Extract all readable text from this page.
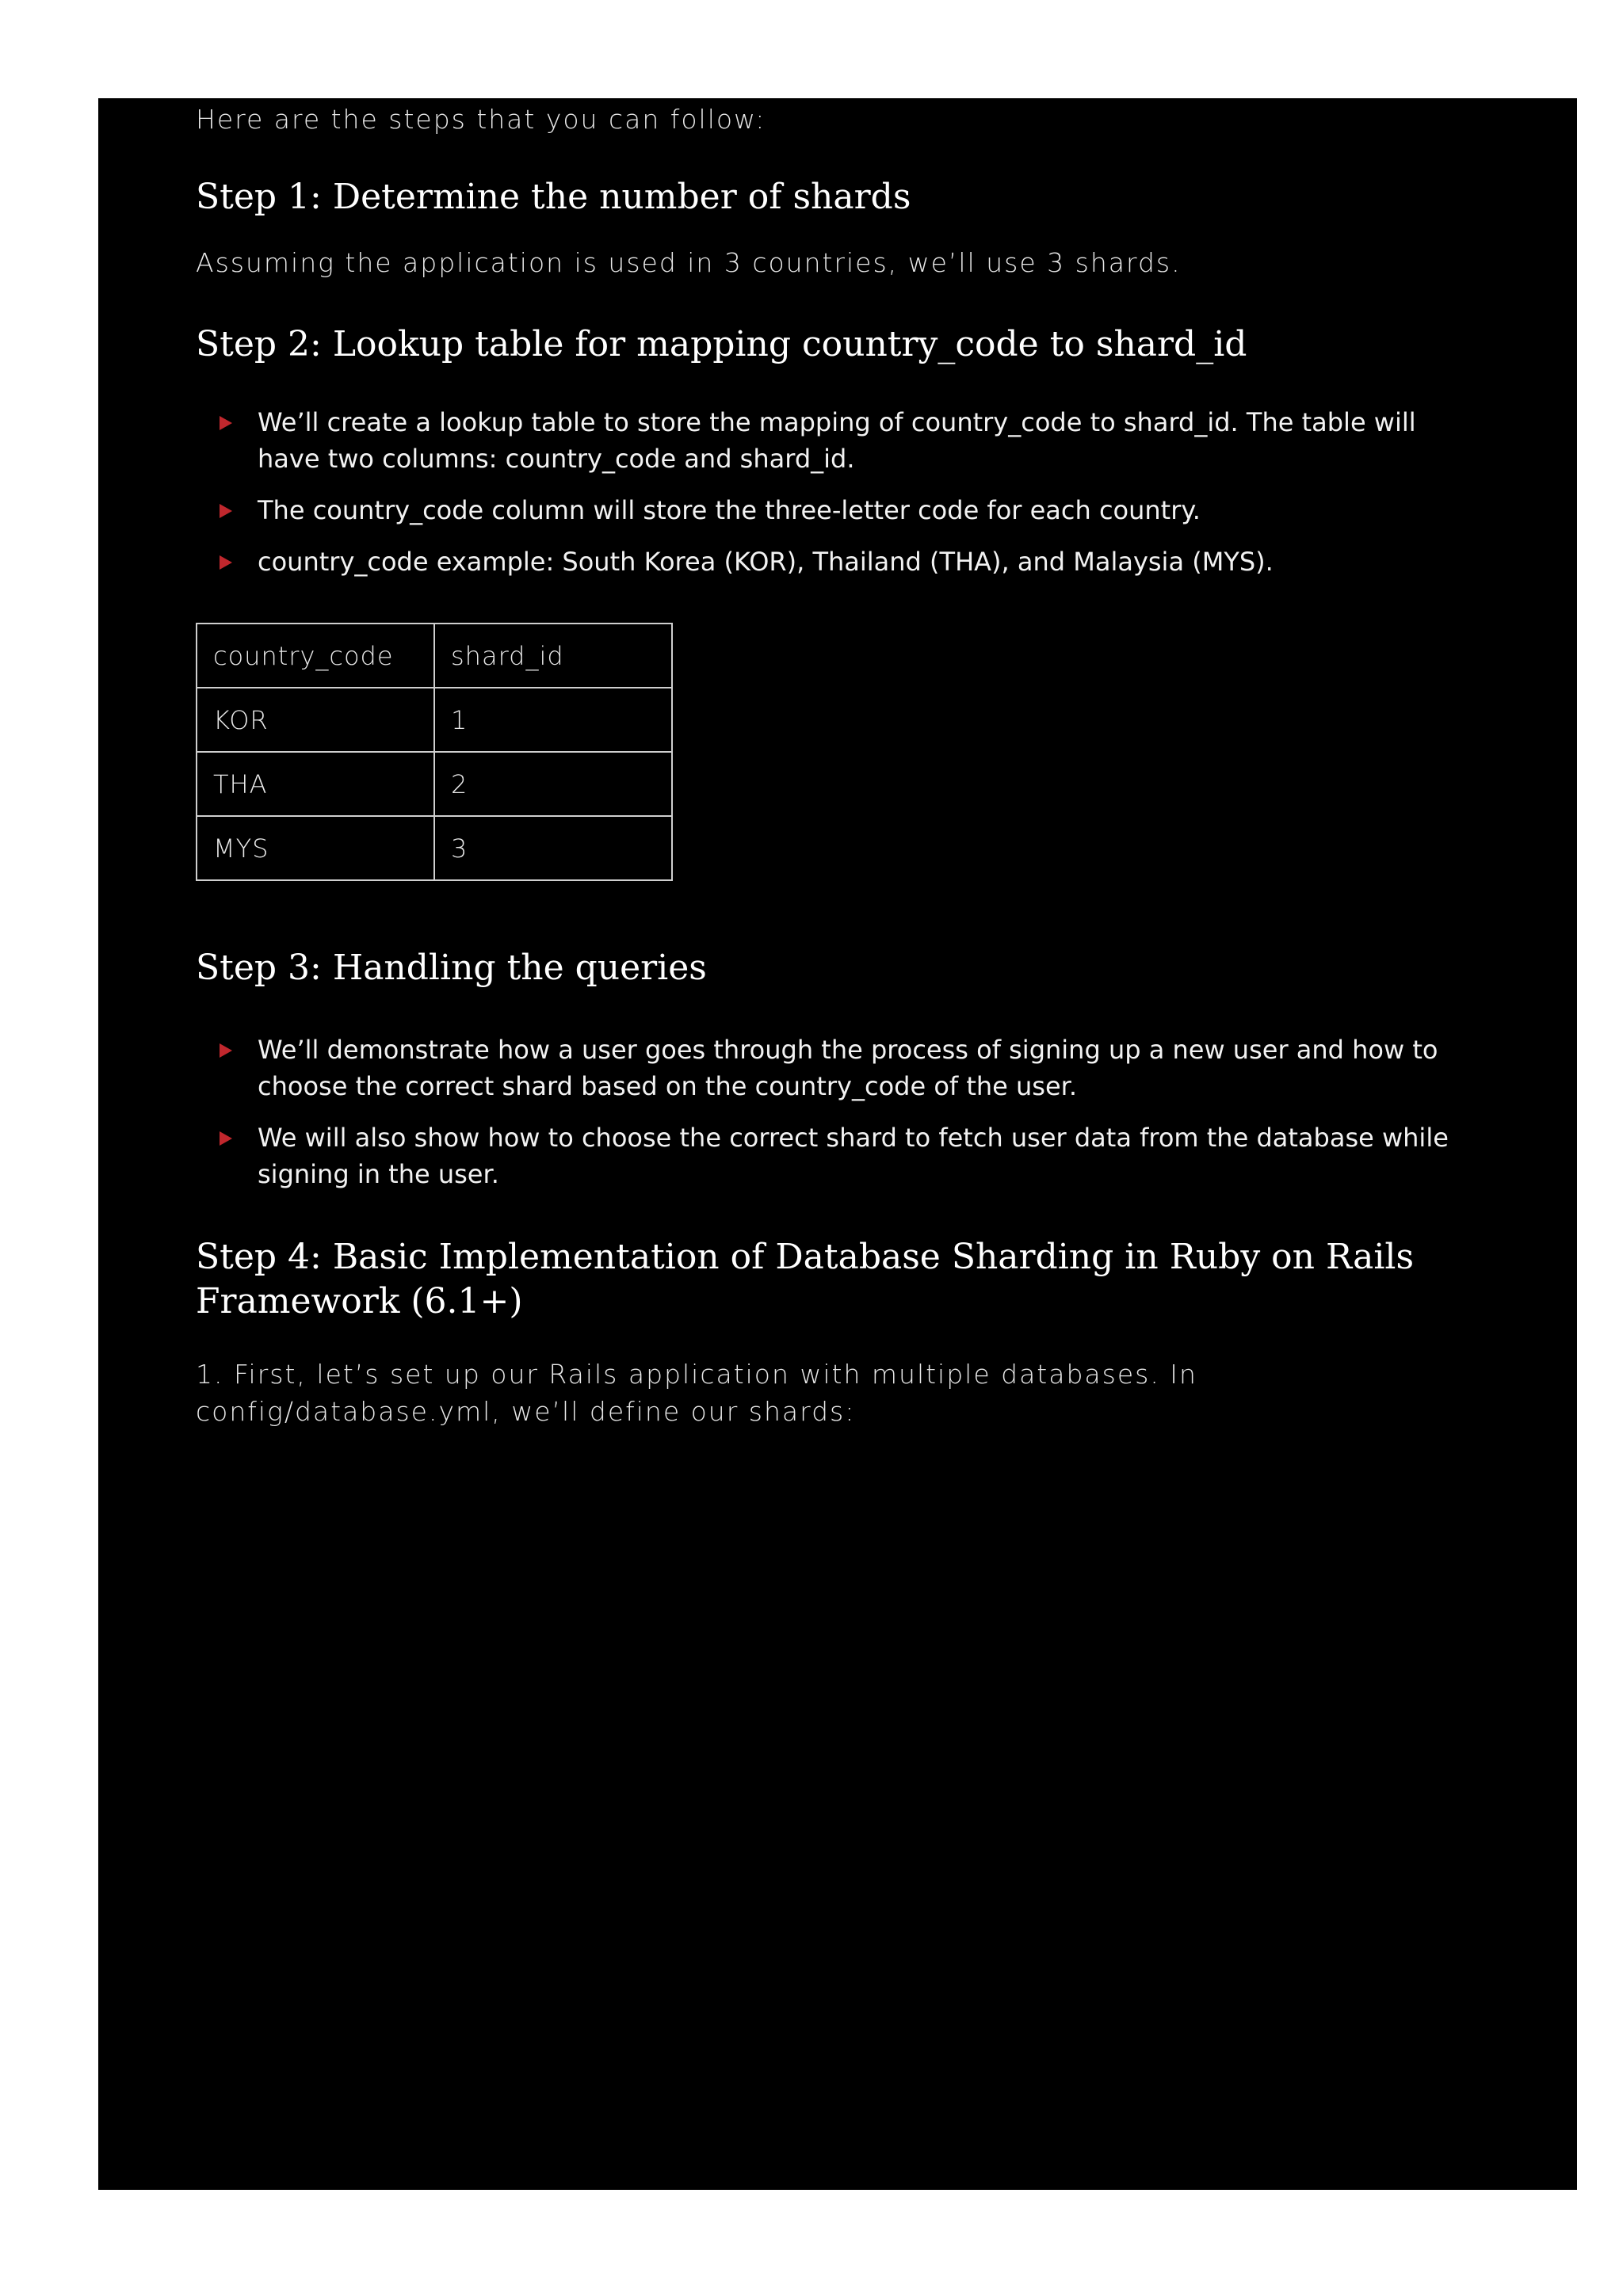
Here are the steps that you can follow:
Step 1: Determine the number of shards
Assuming the application is used in 3 countries, we’ll use 3 shards.
Step 2: Lookup table for mapping country_code to shard_id
We’ll create a lookup table to store the mapping of country_code to shard_id. The table will have two columns: country_code and shard_id.
The country_code column will store the three-letter code for each country.
country_code example: South Korea (KOR), Thailand (THA), and Malaysia (MYS).
country_code	shard_id
KOR	1
THA	2
MYS	3
Step 3: Handling the queries
We’ll demonstrate how a user goes through the process of signing up a new user and how to choose the correct shard based on the country_code of the user.
We will also show how to choose the correct shard to fetch user data from the database while signing in the user.
Step 4: Basic Implementation of Database Sharding in Ruby on Rails Framework (6.1+)
1. First, let’s set up our Rails application with multiple databases. In config/database.yml, we’ll define our shards:
